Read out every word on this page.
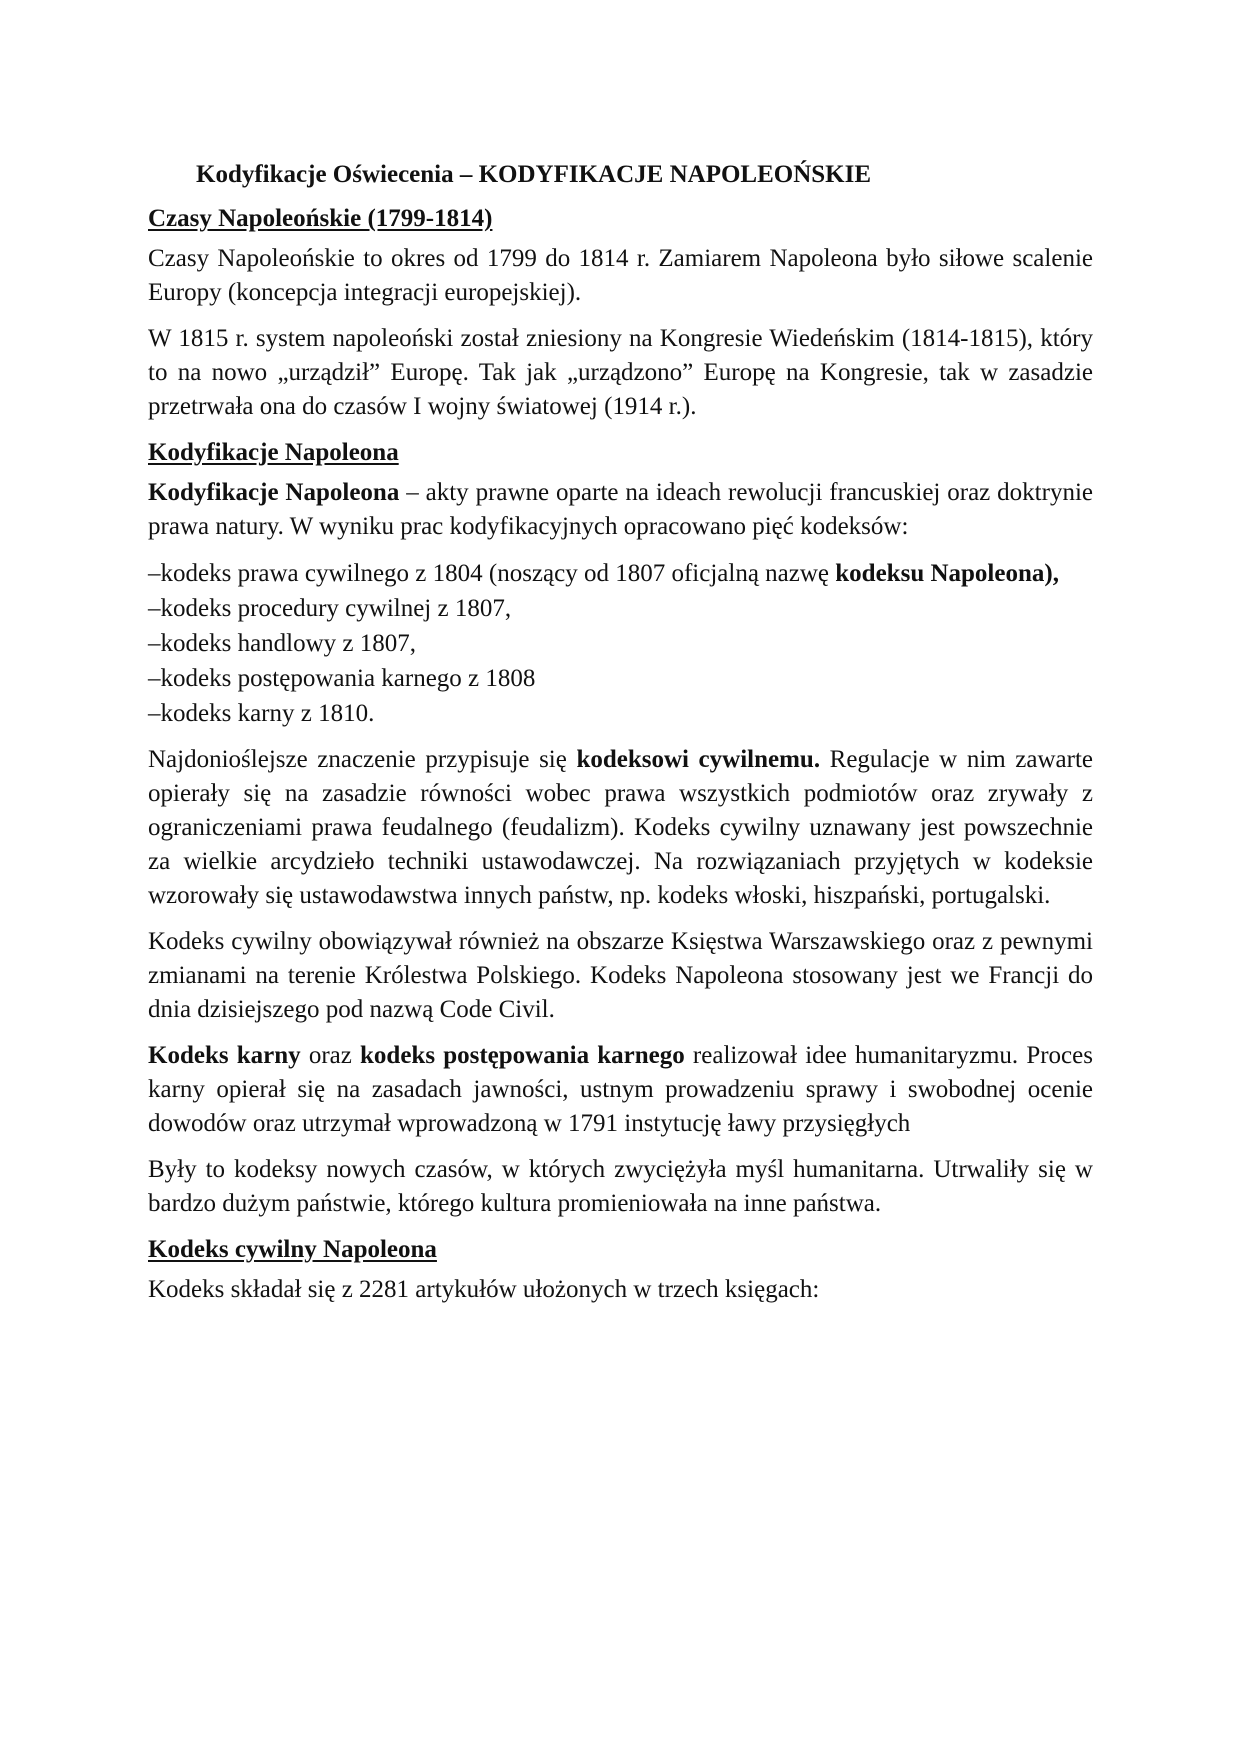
Kodyfikacje Oświecenia – KODYFIKACJE NAPOLEOŃSKIE
Czasy Napoleońskie (1799-1814)

Czasy Napoleońskie to okres od 1799 do 1814 r. Zamiarem Napoleona było siłowe scalenie Europy (koncepcja integracji europejskiej).

W 1815 r. system napoleoński został zniesiony na Kongresie Wiedeńskim (1814-1815), który to na nowo „urządził” Europę. Tak jak „urządzono” Europę na Kongresie, tak w zasadzie przetrwała ona do czasów I wojny światowej (1914 r.).

Kodyfikacje Napoleona

Kodyfikacje Napoleona – akty prawne oparte na ideach rewolucji francuskiej oraz doktrynie prawa natury. W wyniku prac kodyfikacyjnych opracowano pięć kodeksów:

–kodeks prawa cywilnego z 1804 (noszący od 1807 oficjalną nazwę kodeksu Napoleona),
–kodeks procedury cywilnej z 1807,
–kodeks handlowy z 1807,
–kodeks postępowania karnego z 1808
–kodeks karny z 1810.

Najdonioślejsze znaczenie przypisuje się kodeksowi cywilnemu. Regulacje w nim zawarte opierały się na zasadzie równości wobec prawa wszystkich podmiotów oraz zrywały z ograniczeniami prawa feudalnego (feudalizm). Kodeks cywilny uznawany jest powszechnie za wielkie arcydzieło techniki ustawodawczej. Na rozwiązaniach przyjętych w kodeksie wzorowały się ustawodawstwa innych państw, np. kodeks włoski, hiszpański, portugalski.

Kodeks cywilny obowiązywał również na obszarze Księstwa Warszawskiego oraz z pewnymi zmianami na terenie Królestwa Polskiego. Kodeks Napoleona stosowany jest we Francji do dnia dzisiejszego pod nazwą Code Civil.

Kodeks karny oraz kodeks postępowania karnego realizował idee humanitaryzmu. Proces karny opierał się na zasadach jawności, ustnym prowadzeniu sprawy i swobodnej ocenie dowodów oraz utrzymał wprowadzoną w 1791 instytucję ławy przysięgłych

Były to kodeksy nowych czasów, w których zwyciężyła myśl humanitarna. Utrwaliły się w bardzo dużym państwie, którego kultura promieniowała na inne państwa.

Kodeks cywilny Napoleona

Kodeks składał się z 2281 artykułów ułożonych w trzech księgach:
